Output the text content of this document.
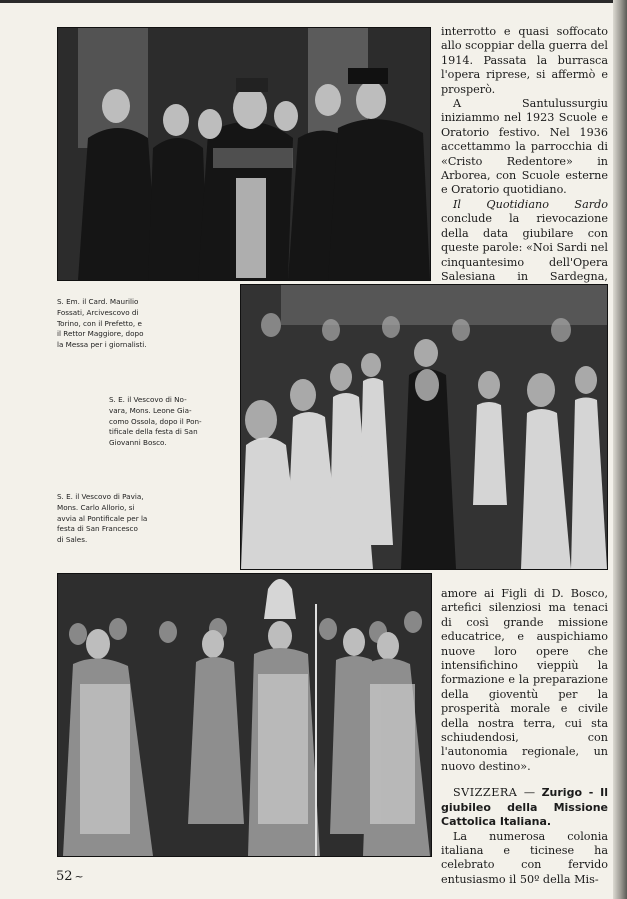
interrotto e quasi soffocato allo scoppiar della guerra del 1914. Passata la burrasca l'opera riprese, si affermò e prosperò.

A Santulussurgiu iniziammo nel 1923 Scuole e Oratorio festivo. Nel 1936 accettammo la parrocchia di «Cristo Redentore» in Arborea, con Scuole esterne e Oratorio quotidiano.

Il Quotidiano Sardo conclude la rievocazione della data giubilare con queste parole: «Noi Sardi nel cinquantesimo dell'Opera Salesiana in Sardegna,

S. Em. il Card. Maurilio
Fossati, Arcivescovo di
Torino, con il Prefetto, e
il Rettor Maggiore, dopo
la Messa per i giornalisti.
S. E. il Vescovo di No-
vara, Mons. Leone Gia-
como Ossola, dopo il Pon-
tificale della festa di San
Giovanni Bosco.
S. E. il Vescovo di Pavia,
Mons. Carlo Allorio, si
avvia al Pontificale per la
festa di San Francesco
di Sales.

amore ai Figli di D. Bosco, artefici silenziosi ma tenaci di così grande missione educatrice, e auspichiamo nuove loro opere che intensifichino vieppiù la formazione e la preparazione della gioventù per la prosperità morale e civile della nostra terra, cui sta schiudendosi, con l'autonomia regionale, un nuovo destino».

SVIZZERA — Zurigo - Il giubileo della Missione Cattolica Italiana.

La numerosa colonia italiana e ticinese ha celebrato con fervido entusiasmo il 50º della Mis-

52 ~
